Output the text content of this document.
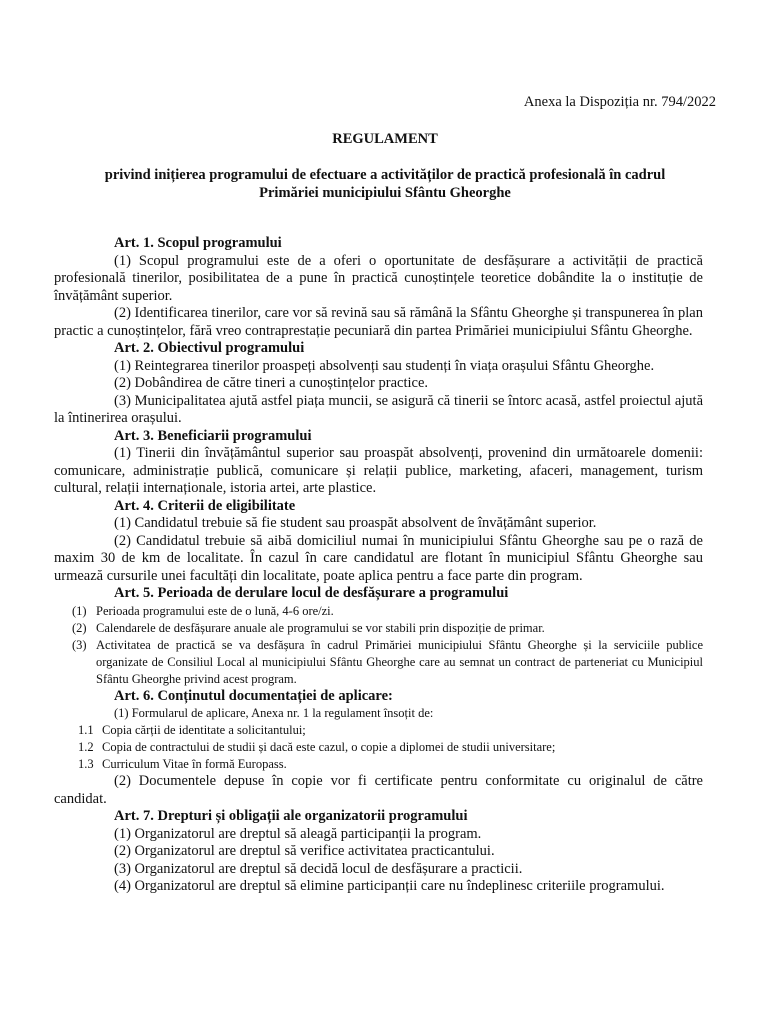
Anexa la Dispoziția nr. 794/2022
REGULAMENT
privind inițierea programului de efectuare a activităților de practică profesională în cadrul Primăriei municipiului Sfântu Gheorghe
Art. 1. Scopul programului
(1) Scopul programului este de a oferi o oportunitate de desfășurare a activității de practică profesională tinerilor, posibilitatea de a pune în practică cunoștințele teoretice dobândite la o instituție de învățământ superior.
(2) Identificarea tinerilor, care vor să revină sau să rămână la Sfântu Gheorghe și transpunerea în plan practic a cunoștințelor, fără vreo contraprestație pecuniară din partea Primăriei municipiului Sfântu Gheorghe.
Art. 2. Obiectivul programului
(1) Reintegrarea tinerilor proaspeți absolvenți sau studenți în viața orașului Sfântu Gheorghe.
(2) Dobândirea de către tineri a cunoștințelor practice.
(3) Municipalitatea ajută astfel piața muncii, se asigură că tinerii se întorc acasă, astfel proiectul ajută la întinerirea orașului.
Art. 3. Beneficiarii programului
(1) Tinerii din învățământul superior sau proaspăt absolvenți, provenind din următoarele domenii: comunicare, administrație publică, comunicare și relații publice, marketing, afaceri, management, turism cultural, relații internaționale, istoria artei, arte plastice.
Art. 4. Criterii de eligibilitate
(1) Candidatul trebuie să fie student sau proaspăt absolvent de învățământ superior.
(2) Candidatul trebuie să aibă domiciliul numai în municipiului Sfântu Gheorghe sau pe o rază de maxim 30 de km de localitate. În cazul în care candidatul are flotant în municipiul Sfântu Gheorghe sau urmează cursurile unei facultăți din localitate, poate aplica pentru a face parte din program.
Art. 5. Perioada de derulare locul de desfășurare a programului
(1) Perioada programului este de o lună, 4-6 ore/zi.
(2) Calendarele de desfășurare anuale ale programului se vor stabili prin dispoziție de primar.
(3) Activitatea de practică se va desfășura în cadrul Primăriei municipiului Sfântu Gheorghe și la serviciile publice organizate de Consiliul Local al municipiului Sfântu Gheorghe care au semnat un contract de parteneriat cu Municipiul Sfântu Gheorghe privind acest program.
Art. 6. Conținutul documentației de aplicare:
(1) Formularul de aplicare, Anexa nr. 1 la regulament însoțit de:
1.1 Copia cărții de identitate a solicitantului;
1.2 Copia de contractului de studii și dacă este cazul, o copie a diplomei de studii universitare;
1.3 Curriculum Vitae în formă Europass.
(2) Documentele depuse în copie vor fi certificate pentru conformitate cu originalul de către candidat.
Art. 7. Drepturi și obligații ale organizatorii programului
(1) Organizatorul are dreptul să aleagă participanții la program.
(2) Organizatorul are dreptul să verifice activitatea practicantului.
(3) Organizatorul are dreptul să decidă locul de desfășurare a practicii.
(4) Organizatorul are dreptul să elimine participanții care nu îndeplinesc criteriile programului.
